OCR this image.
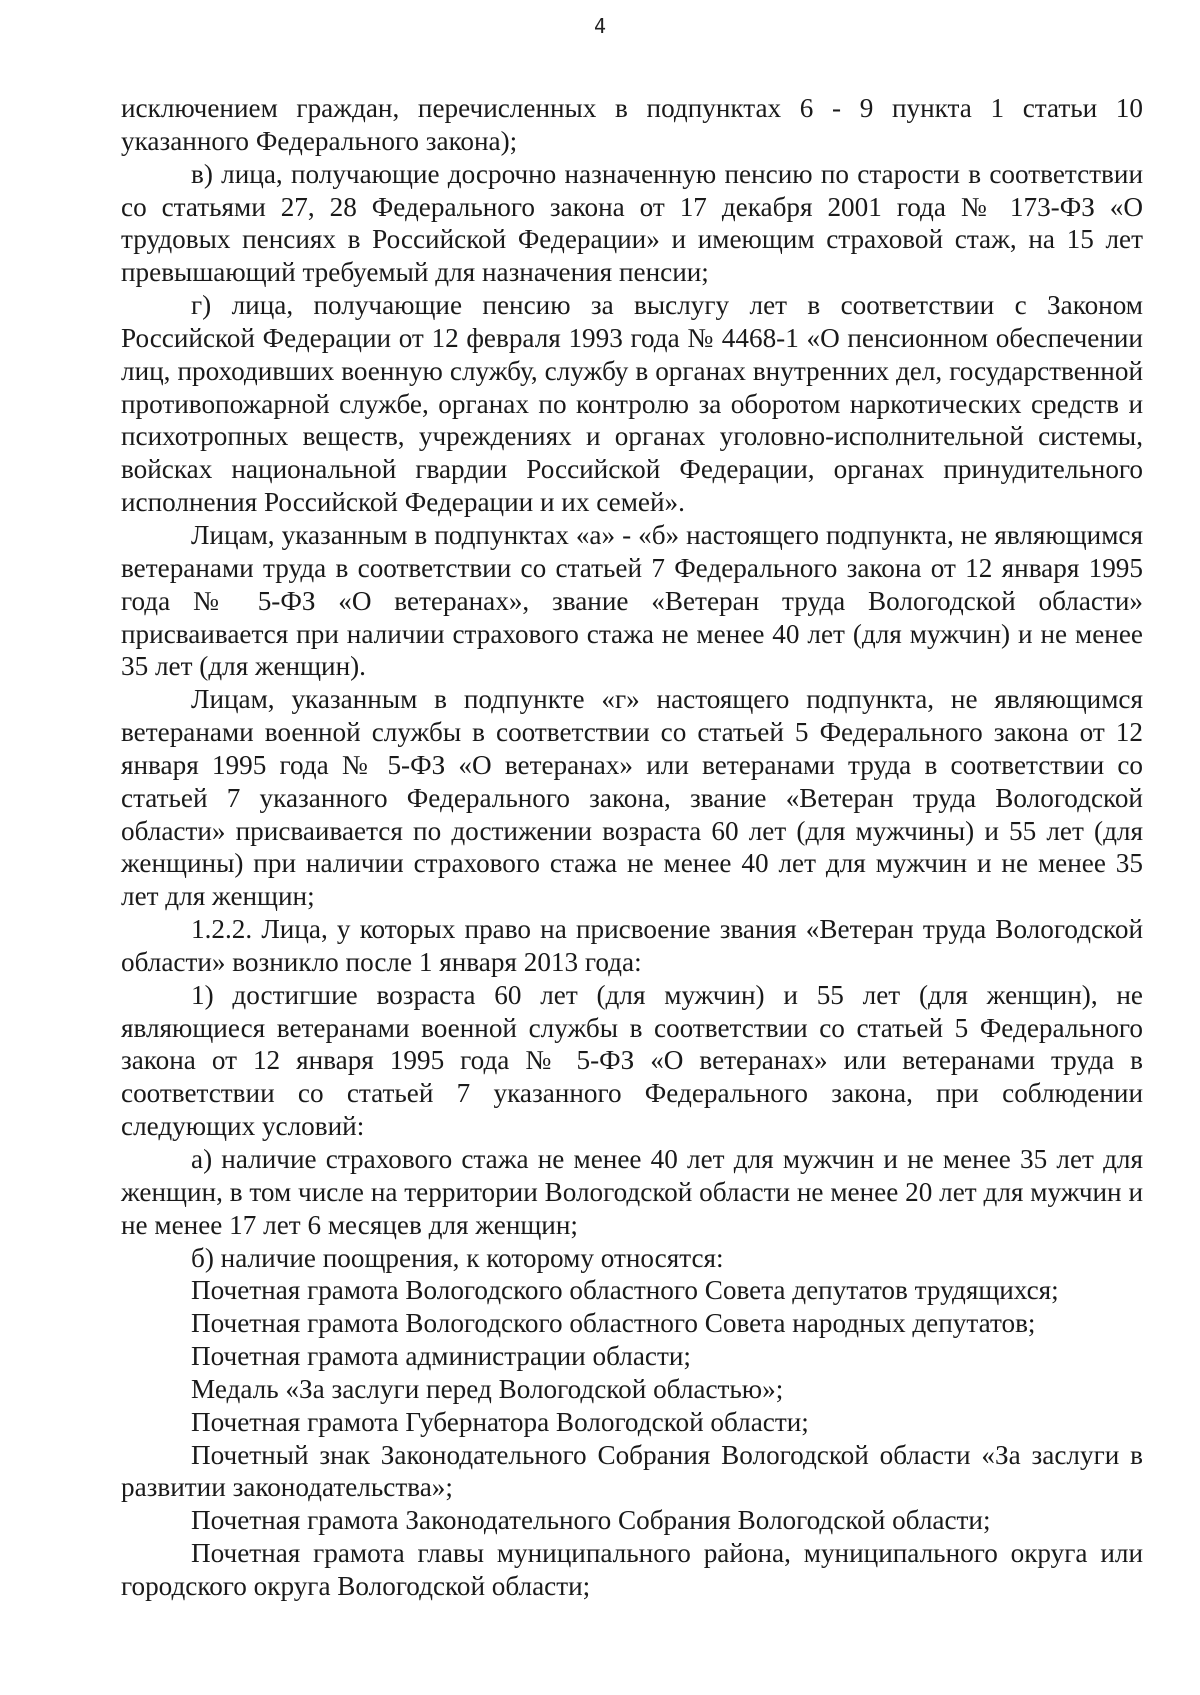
4

исключением граждан, перечисленных в подпунктах 6 - 9 пункта 1 статьи 10 указанного Федерального закона);

в) лица, получающие досрочно назначенную пенсию по старости в соответствии со статьями 27, 28 Федерального закона от 17 декабря 2001 года № 173-ФЗ «О трудовых пенсиях в Российской Федерации» и имеющим страховой стаж, на 15 лет превышающий требуемый для назначения пенсии;

г) лица, получающие пенсию за выслугу лет в соответствии с Законом Российской Федерации от 12 февраля 1993 года № 4468-1 «О пенсионном обеспечении лиц, проходивших военную службу, службу в органах внутренних дел, государственной противопожарной службе, органах по контролю за оборотом наркотических средств и психотропных веществ, учреждениях и органах уголовно-исполнительной системы, войсках национальной гвардии Российской Федерации, органах принудительного исполнения Российской Федерации и их семей».

Лицам, указанным в подпунктах «а» - «б» настоящего подпункта, не являющимся ветеранами труда в соответствии со статьей 7 Федерального закона от 12 января 1995 года № 5-ФЗ «О ветеранах», звание «Ветеран труда Вологодской области» присваивается при наличии страхового стажа не менее 40 лет (для мужчин) и не менее 35 лет (для женщин).

Лицам, указанным в подпункте «г» настоящего подпункта, не являющимся ветеранами военной службы в соответствии со статьей 5 Федерального закона от 12 января 1995 года № 5-ФЗ «О ветеранах» или ветеранами труда в соответствии со статьей 7 указанного Федерального закона, звание «Ветеран труда Вологодской области» присваивается по достижении возраста 60 лет (для мужчины) и 55 лет (для женщины) при наличии страхового стажа не менее 40 лет для мужчин и не менее 35 лет для женщин;

1.2.2. Лица, у которых право на присвоение звания «Ветеран труда Вологодской области» возникло после 1 января 2013 года:

1) достигшие возраста 60 лет (для мужчин) и 55 лет (для женщин), не являющиеся ветеранами военной службы в соответствии со статьей 5 Федерального закона от 12 января 1995 года № 5-ФЗ «О ветеранах» или ветеранами труда в соответствии со статьей 7 указанного Федерального закона, при соблюдении следующих условий:

а) наличие страхового стажа не менее 40 лет для мужчин и не менее 35 лет для женщин, в том числе на территории Вологодской области не менее 20 лет для мужчин и не менее 17 лет 6 месяцев для женщин;

б) наличие поощрения, к которому относятся:

Почетная грамота Вологодского областного Совета депутатов трудящихся;

Почетная грамота Вологодского областного Совета народных депутатов;

Почетная грамота администрации области;

Медаль «За заслуги перед Вологодской областью»;

Почетная грамота Губернатора Вологодской области;

Почетный знак Законодательного Собрания Вологодской области «За заслуги в развитии законодательства»;

Почетная грамота Законодательного Собрания Вологодской области;

Почетная грамота главы муниципального района, муниципального округа или городского округа Вологодской области;
